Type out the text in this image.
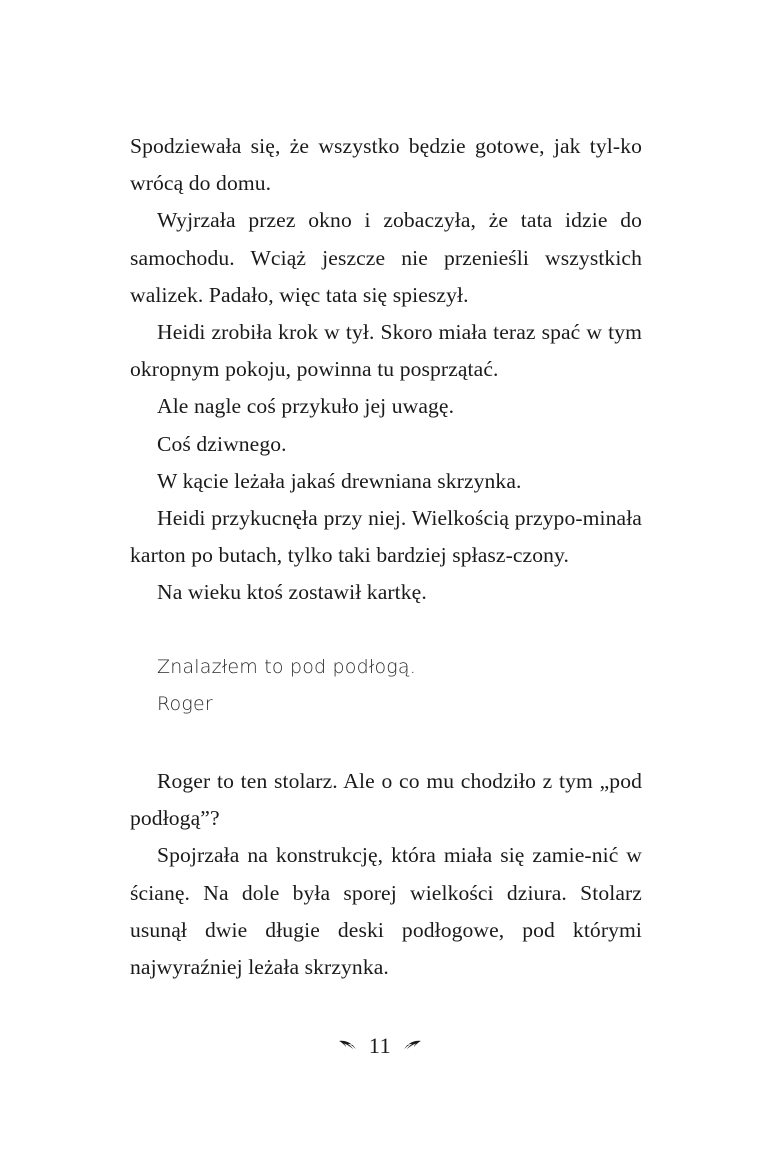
Spodziewała się, że wszystko będzie gotowe, jak tyl-ko wrócą do domu.

Wyjrzała przez okno i zobaczyła, że tata idzie do samochodu. Wciąż jeszcze nie przenieśli wszystkich walizek. Padało, więc tata się spieszył.

Heidi zrobiła krok w tył. Skoro miała teraz spać w tym okropnym pokoju, powinna tu posprzątać.

Ale nagle coś przykuło jej uwagę.

Coś dziwnego.

W kącie leżała jakaś drewniana skrzynka.

Heidi przykucnęła przy niej. Wielkością przypo-minała karton po butach, tylko taki bardziej spłasz-czony.

Na wieku ktoś zostawił kartkę.

Znalazłem to pod podłogą.

Roger

Roger to ten stolarz. Ale o co mu chodziło z tym „pod podłogą”?

Spojrzała na konstrukcję, która miała się zamie-nić w ścianę. Na dole była sporej wielkości dziura. Stolarz usunął dwie długie deski podłogowe, pod którymi najwyraźniej leżała skrzynka.

11
